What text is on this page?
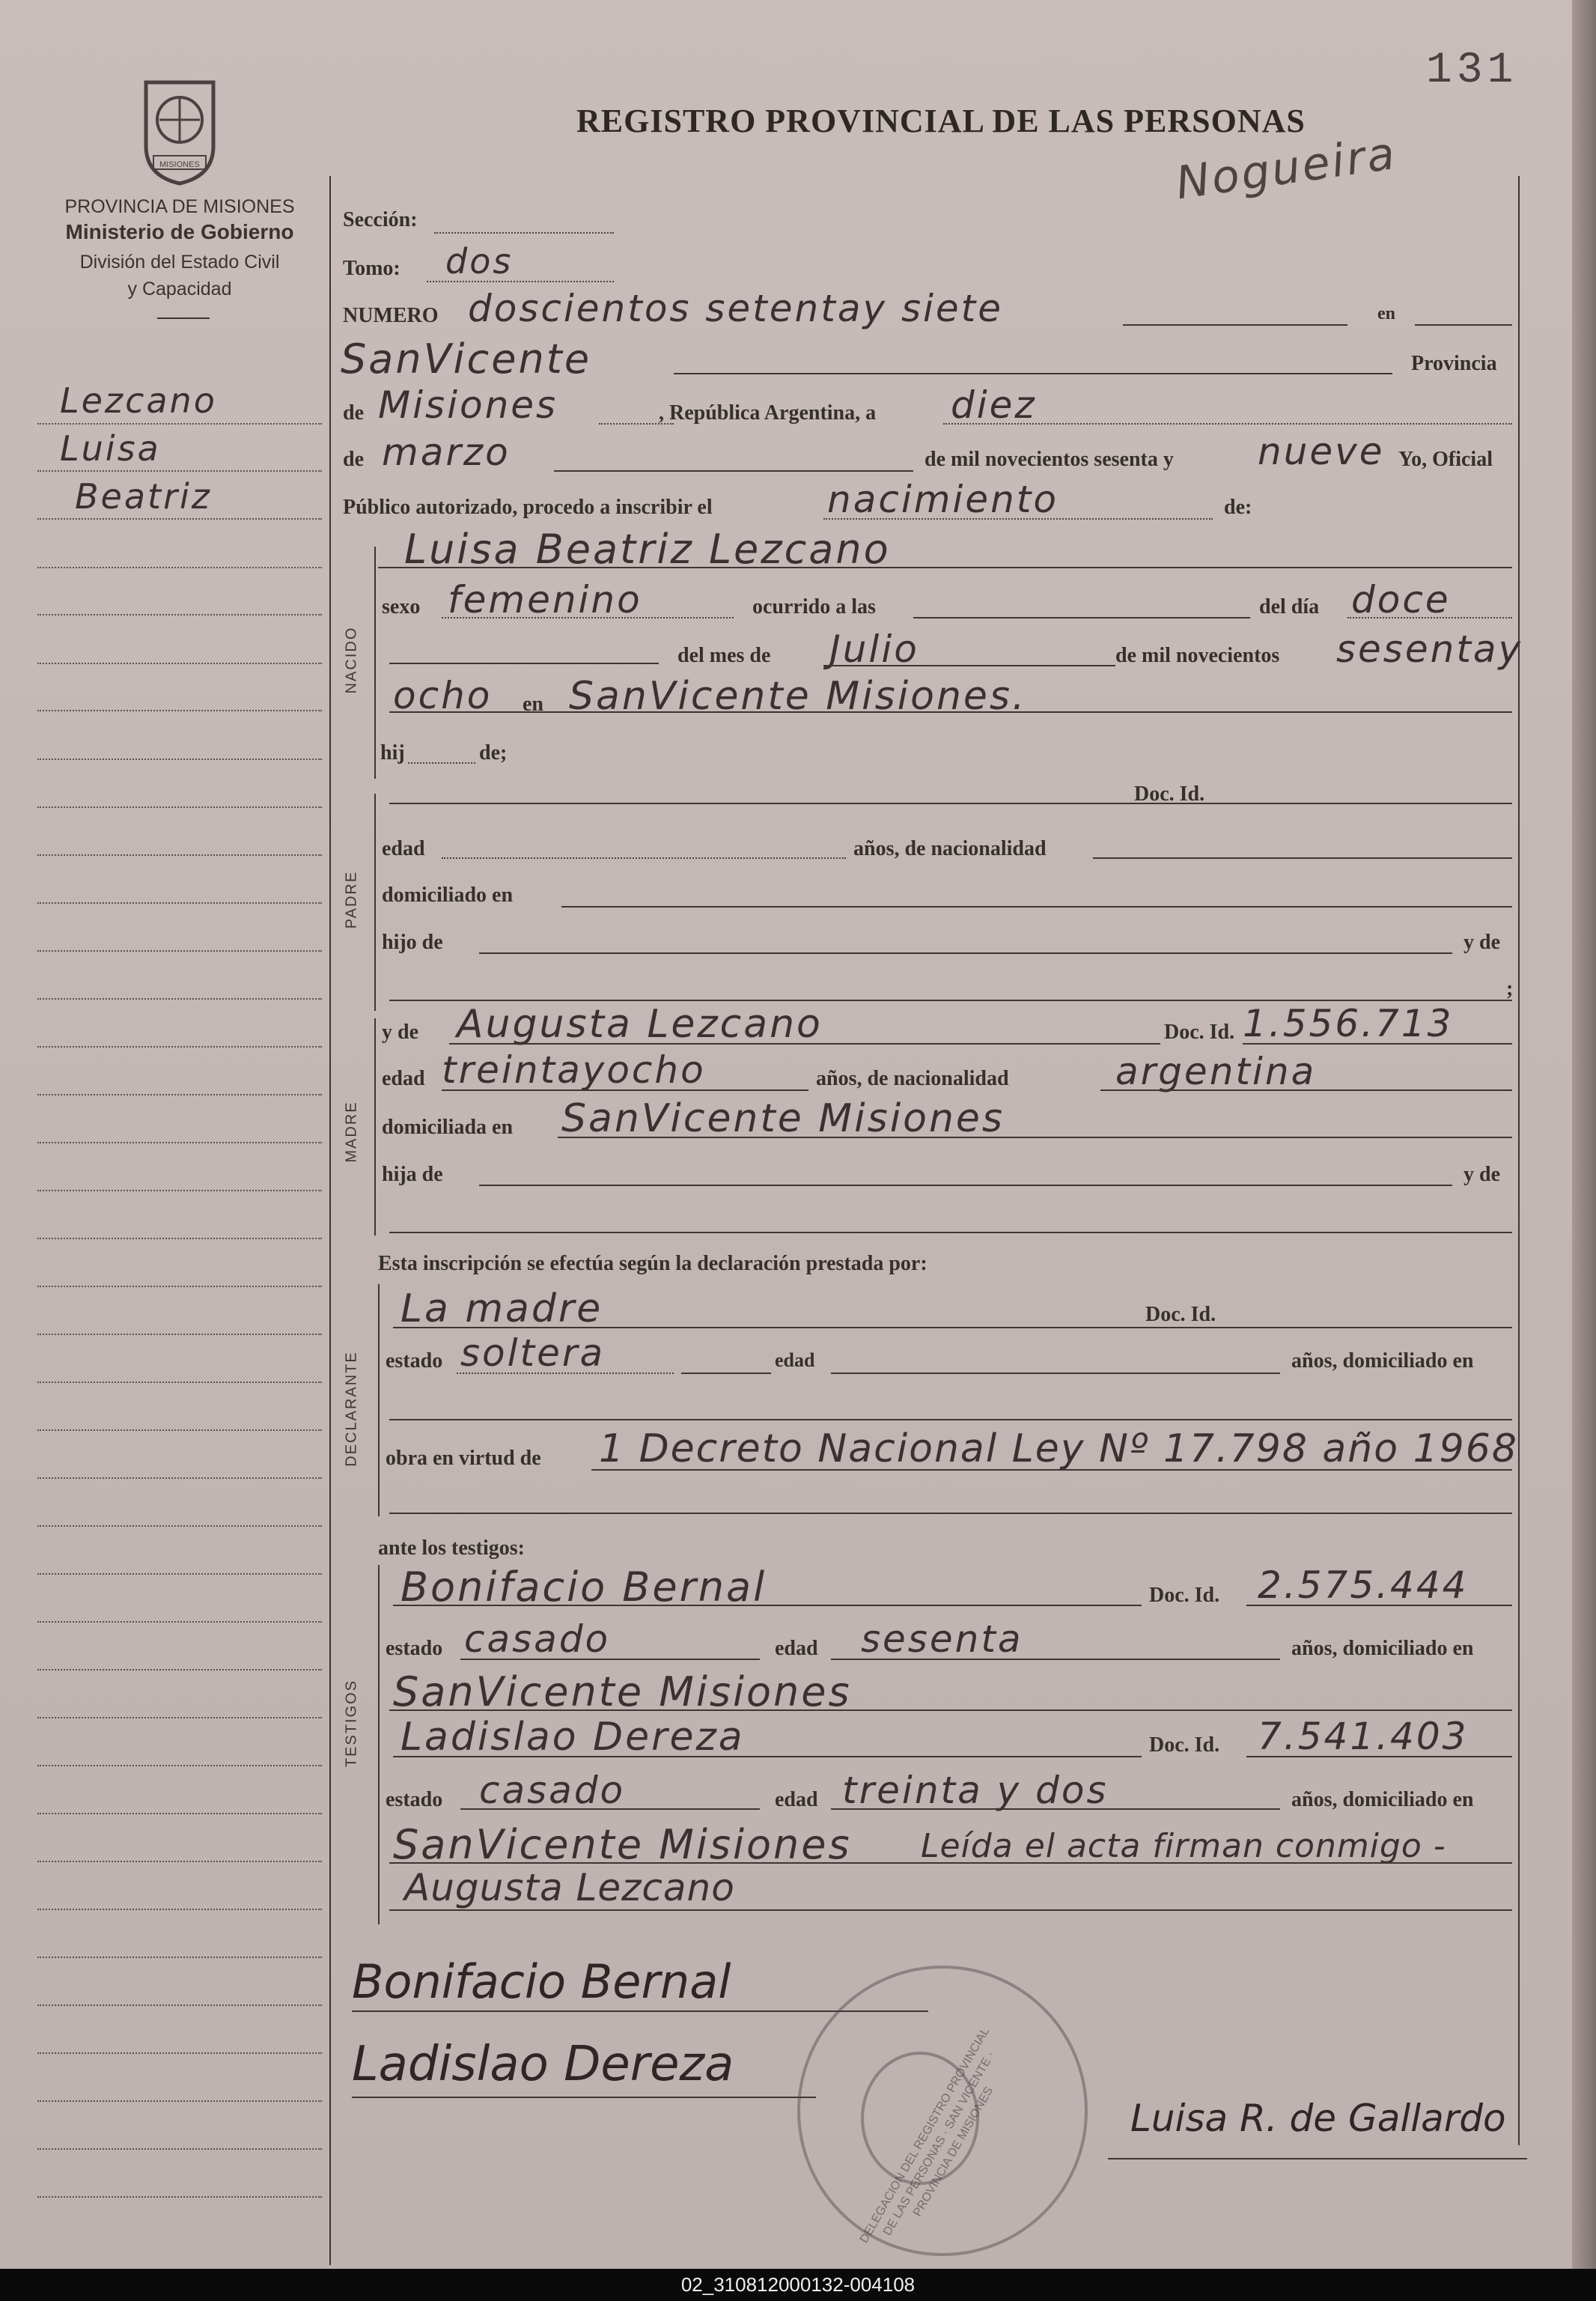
131
MISIONES
PROVINCIA DE MISIONES
Ministerio de Gobierno
División del Estado Civil
y Capacidad
REGISTRO PROVINCIAL DE LAS PERSONAS
Nogueira
Lezcano
Luisa
Beatriz
Sección:
Tomo: dos
NUMERO doscientos setentay siete	en
SanVicente	Provincia
de Misiones	, República Argentina, a diez
de marzo	de mil novecientos sesenta y nueve Yo, Oficial
Público autorizado, procedo a inscribir el	nacimiento	de:
NACIDO
Luisa Beatriz Lezcano
sexo femenino	ocurrido a las	del día doce
del mes de Julio	de mil novecientos sesentay
ocho en SanVicente Misiones.
hij	de;
PADRE
Doc. Id.
edad	años, de nacionalidad
domiciliado en
hijo de	y de
;
MADRE
y de Augusta Lezcano	Doc. Id. 1.556.713
edad treintayocho	años, de nacionalidad	argentina
domiciliada en SanVicente Misiones
hija de	y de
Esta inscripción se efectúa según la declaración prestada por:
DECLARANTE
La madre	Doc. Id.
estado soltera	edad	años, domiciliado en
obra en virtud de 1 Decreto Nacional Ley Nº 17.798 año 1968
ante los testigos:
TESTIGOS
Bonifacio Bernal	Doc. Id. 2.575.444
estado casado	edad sesenta	años, domiciliado en
SanVicente Misiones
Ladislao Dereza	Doc. Id. 7.541.403
estado casado	edad treinta y dos	años, domiciliado en
SanVicente Misiones Leída el acta firman conmigo -
Augusta Lezcano
Bonifacio Bernal
Ladislao Dereza	DELEGACION DEL REGISTRO PROVINCIAL DE LAS PERSONAS · SAN VICENTE · PROVINCIA DE MISIONES	Luisa R. de Gallardo
02_310812000132-004108
